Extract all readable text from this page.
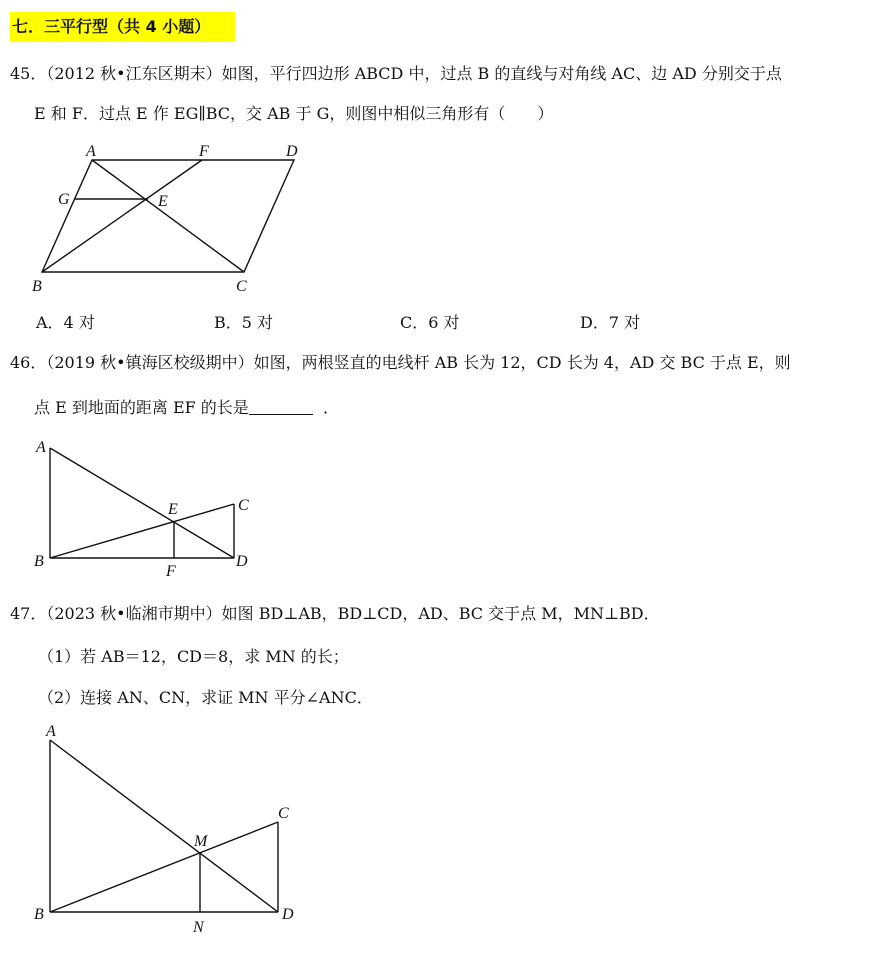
七．三平行型（共 4 小题）
45．（2012 秋•江东区期末）如图，平行四边形 ABCD 中，过点 B 的直线与对角线 AC、边 AD 分别交于点
E 和 F．过点 E 作 EG∥BC，交 AB 于 G，则图中相似三角形有（　　）
A	F	D
G	E
B	C
A．4 对	B．5 对	C．6 对	D．7 对
46．（2019 秋•镇海区校级期中）如图，两根竖直的电线杆 AB 长为 12，CD 长为 4，AD 交 BC 于点 E，则
点 E 到地面的距离 EF 的长是	．
A
E	C
B
F
D
47．（2023 秋•临湘市期中）如图 BD⊥AB，BD⊥CD，AD、BC 交于点 M，MN⊥BD．
（1）若 AB＝12，CD＝8，求 MN 的长；
（2）连接 AN、CN，求证 MN 平分∠ANC．
A
C
M
B
N
D
